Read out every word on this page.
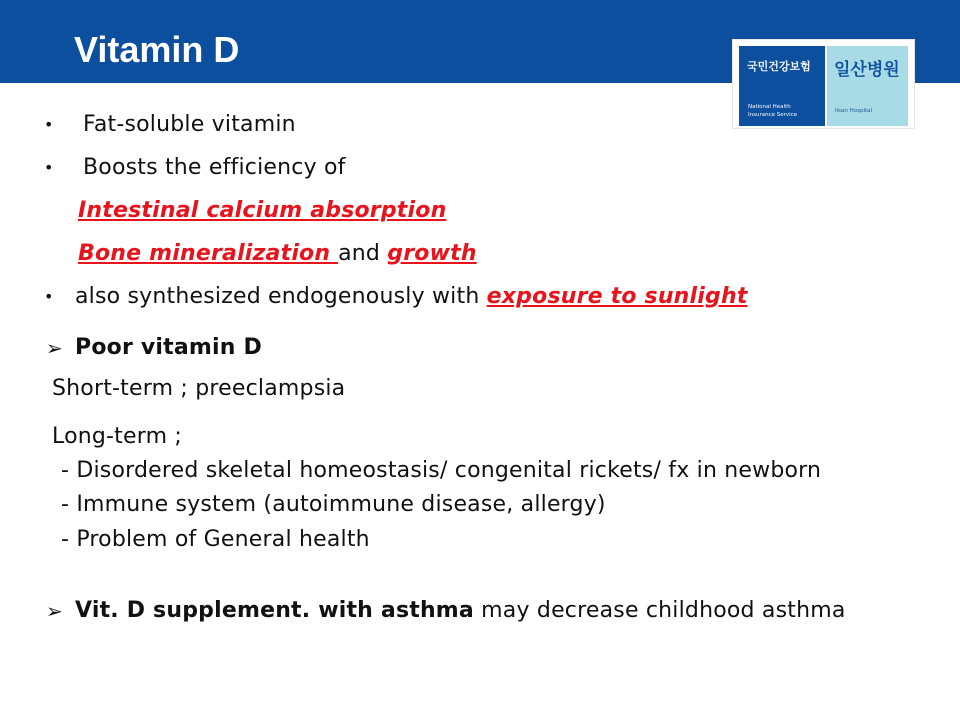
Vitamin D	국민건강보험
National Health
Insurance Service
일산병원
Ilsan Hospital
• Fat-soluble vitamin
• Boosts the efficiency of
Intestinal calcium absorption
Bone mineralization and growth
• also synthesized endogenously with exposure to sunlight
➢ Poor vitamin D
Short-term ; preeclampsia
Long-term ;
- Disordered skeletal homeostasis/ congenital rickets/ fx in newborn
- Immune system (autoimmune disease, allergy)
- Problem of General health
➢ Vit. D supplement. with asthma may decrease childhood asthma
